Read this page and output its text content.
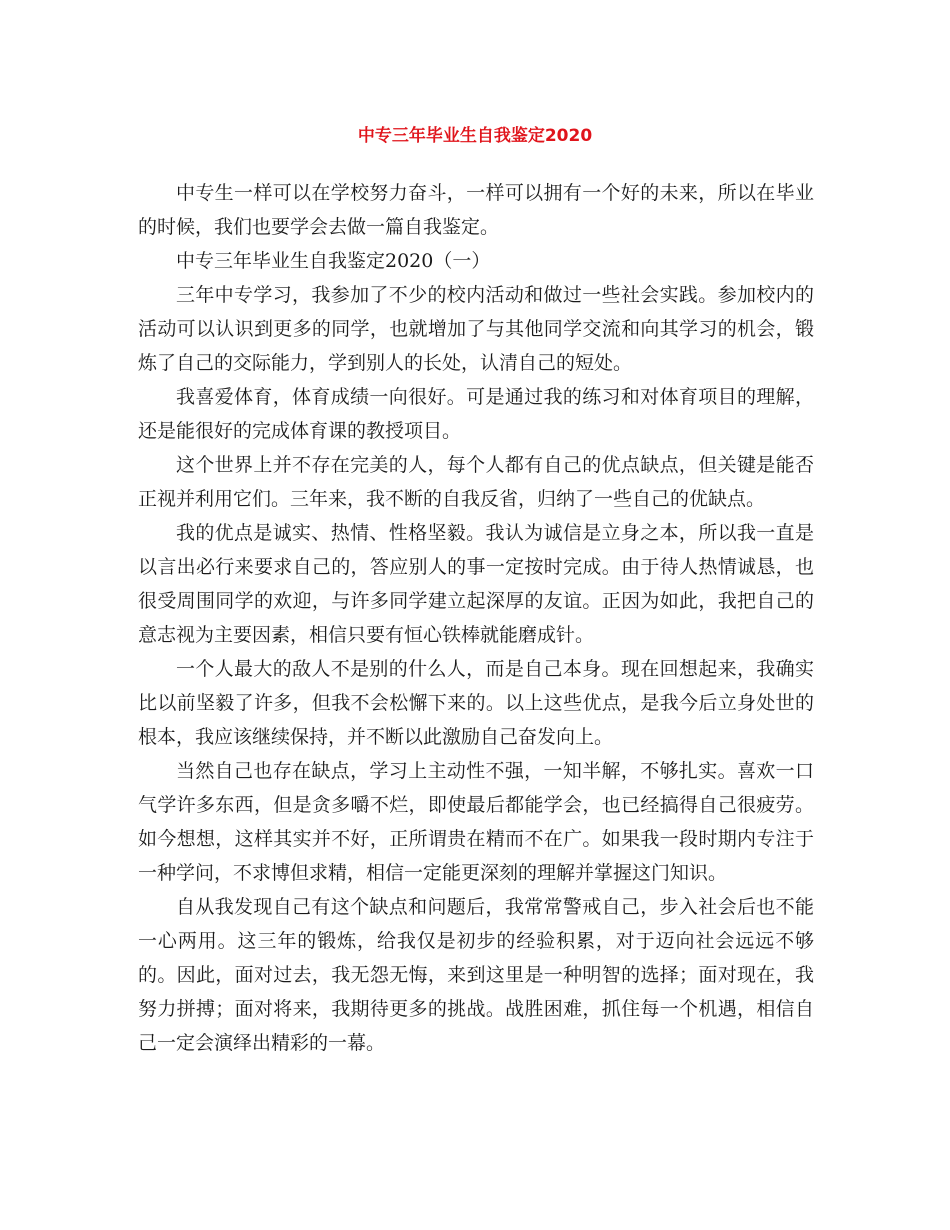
中专三年毕业生自我鉴定2020

中专生一样可以在学校努力奋斗，一样可以拥有一个好的未来，所以在毕业的时候，我们也要学会去做一篇自我鉴定。

中专三年毕业生自我鉴定2020（一）

三年中专学习，我参加了不少的校内活动和做过一些社会实践。参加校内的活动可以认识到更多的同学，也就增加了与其他同学交流和向其学习的机会，锻炼了自己的交际能力，学到别人的长处，认清自己的短处。

我喜爱体育，体育成绩一向很好。可是通过我的练习和对体育项目的理解，还是能很好的完成体育课的教授项目。

这个世界上并不存在完美的人，每个人都有自己的优点缺点，但关键是能否正视并利用它们。三年来，我不断的自我反省，归纳了一些自己的优缺点。

我的优点是诚实、热情、性格坚毅。我认为诚信是立身之本，所以我一直是以言出必行来要求自己的，答应别人的事一定按时完成。由于待人热情诚恳，也很受周围同学的欢迎，与许多同学建立起深厚的友谊。正因为如此，我把自己的意志视为主要因素，相信只要有恒心铁棒就能磨成针。

一个人最大的敌人不是别的什么人，而是自己本身。现在回想起来，我确实比以前坚毅了许多，但我不会松懈下来的。以上这些优点，是我今后立身处世的根本，我应该继续保持，并不断以此激励自己奋发向上。

当然自己也存在缺点，学习上主动性不强，一知半解，不够扎实。喜欢一口气学许多东西，但是贪多嚼不烂，即使最后都能学会，也已经搞得自己很疲劳。如今想想，这样其实并不好，正所谓贵在精而不在广。如果我一段时期内专注于一种学问，不求博但求精，相信一定能更深刻的理解并掌握这门知识。

自从我发现自己有这个缺点和问题后，我常常警戒自己，步入社会后也不能一心两用。这三年的锻炼，给我仅是初步的经验积累，对于迈向社会远远不够的。因此，面对过去，我无怨无悔，来到这里是一种明智的选择；面对现在，我努力拼搏；面对将来，我期待更多的挑战。战胜困难，抓住每一个机遇，相信自己一定会演绎出精彩的一幕。
